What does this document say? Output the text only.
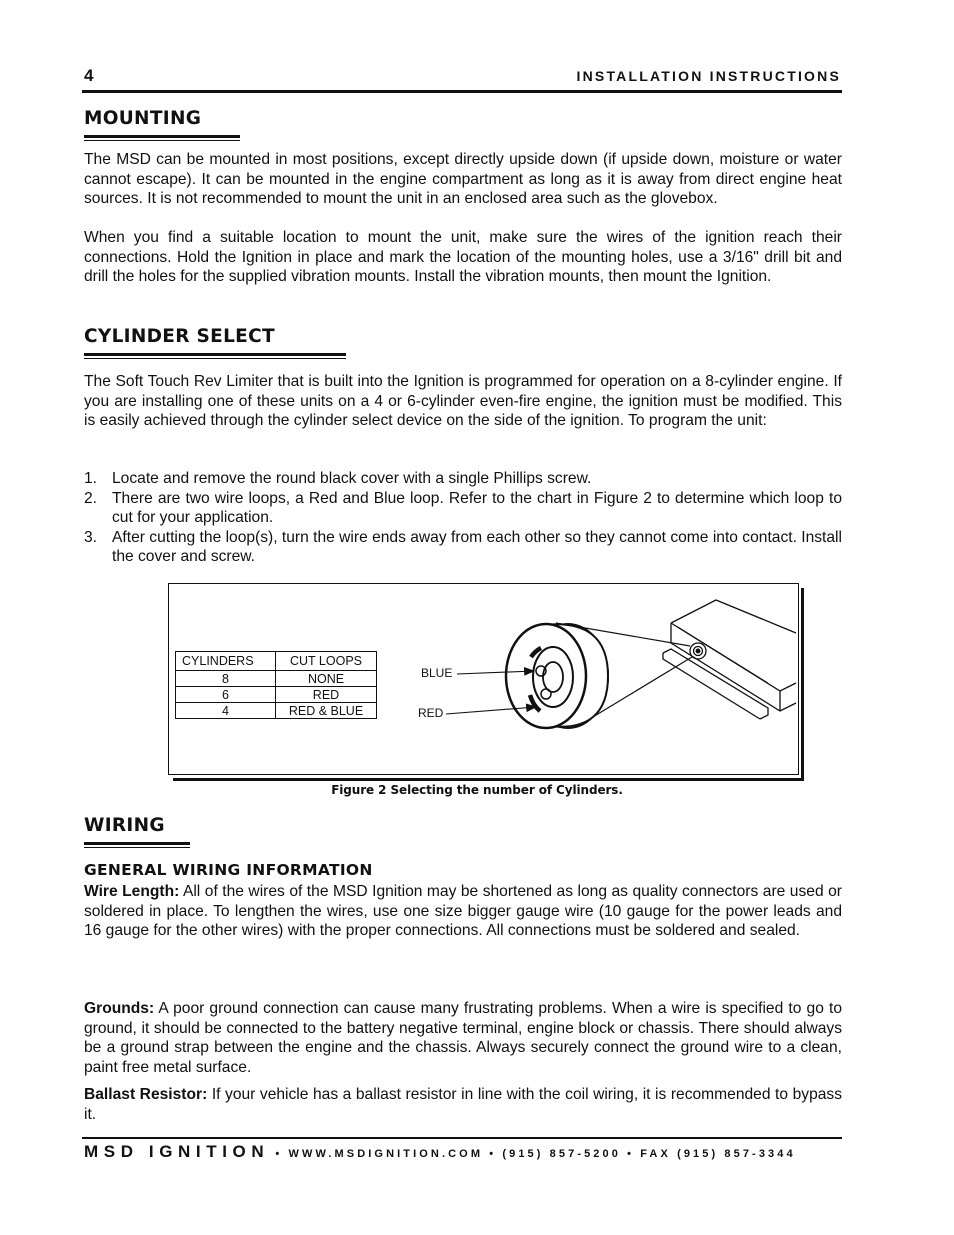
4	INSTALLATION INSTRUCTIONS
MOUNTING

The MSD can be mounted in most positions, except directly upside down (if upside down, moisture or water cannot escape). It can be mounted in the engine compartment as long as it is away from direct engine heat sources. It is not recommended to mount the unit in an enclosed area such as the glovebox.

When you find a suitable location to mount the unit, make sure the wires of the ignition reach their connections. Hold the Ignition in place and mark the location of the mounting holes, use a 3/16" drill bit and drill the holes for the supplied vibration mounts. Install the vibration mounts, then mount the Ignition.

CYLINDER SELECT

The Soft Touch Rev Limiter that is built into the Ignition is programmed for operation on a 8-cylinder engine. If you are installing one of these units on a 4 or 6-cylinder even-fire engine, the ignition must be modified. This is easily achieved through the cylinder select device on the side of the ignition. To program the unit:

1. Locate and remove the round black cover with a single Phillips screw.
2. There are two wire loops, a Red and Blue loop. Refer to the chart in Figure 2 to determine which loop to cut for your application.
3. After cutting the loop(s), turn the wire ends away from each other so they cannot come into contact. Install the cover and screw.
CYLINDERS	CUT LOOPS
8	NONE
6	RED
4	RED & BLUE
BLUE
RED
Figure 2 Selecting the number of Cylinders.
WIRING
GENERAL WIRING INFORMATION

Wire Length: All of the wires of the MSD Ignition may be shortened as long as quality connectors are used or soldered in place. To lengthen the wires, use one size bigger gauge wire (10 gauge for the power leads and 16 gauge for the other wires) with the proper connections. All connections must be soldered and sealed.

Grounds: A poor ground connection can cause many frustrating problems. When a wire is specified to go to ground, it should be connected to the battery negative terminal, engine block or chassis. There should always be a ground strap between the engine and the chassis. Always securely connect the ground wire to a clean, paint free metal surface.

Ballast Resistor: If your vehicle has a ballast resistor in line with the coil wiring, it is recommended to bypass it.

MSD IGNITION • WWW.MSDIGNITION.COM • (915) 857-5200 • FAX (915) 857-3344
